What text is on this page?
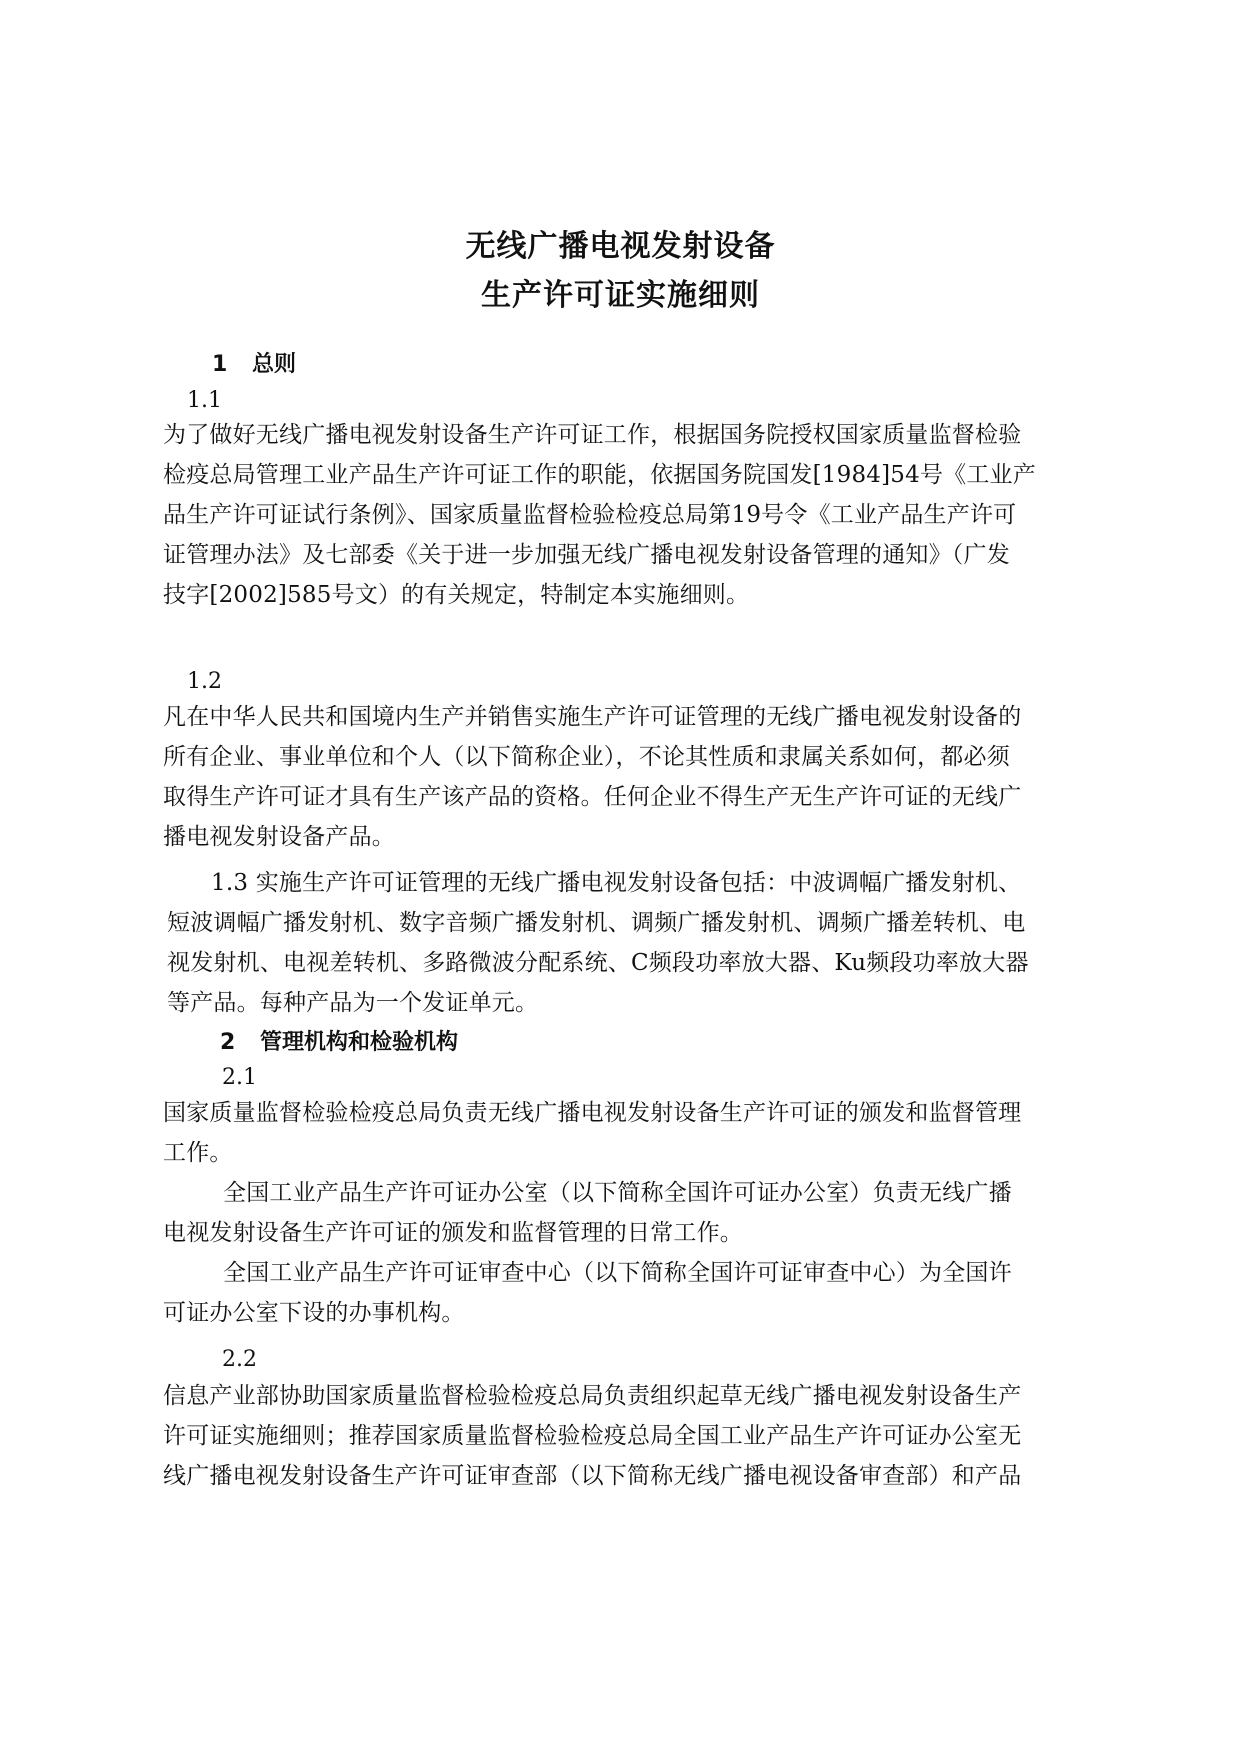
无线广播电视发射设备
生产许可证实施细则
1 总则
1.1
为了做好无线广播电视发射设备生产许可证工作，根据国务院授权国家质量监督检验
检疫总局管理工业产品生产许可证工作的职能，依据国务院国发[1984]54号《工业产
品生产许可证试行条例》、国家质量监督检验检疫总局第19号令《工业产品生产许可
证管理办法》及七部委《关于进一步加强无线广播电视发射设备管理的通知》（广发
技字[2002]585号文）的有关规定，特制定本实施细则。
1.2
凡在中华人民共和国境内生产并销售实施生产许可证管理的无线广播电视发射设备的
所有企业、事业单位和个人（以下简称企业），不论其性质和隶属关系如何，都必须
取得生产许可证才具有生产该产品的资格。任何企业不得生产无生产许可证的无线广
播电视发射设备产品。
1.3 实施生产许可证管理的无线广播电视发射设备包括：中波调幅广播发射机、
短波调幅广播发射机、数字音频广播发射机、调频广播发射机、调频广播差转机、电
视发射机、电视差转机、多路微波分配系统、C频段功率放大器、Ku频段功率放大器
等产品。每种产品为一个发证单元。
2 管理机构和检验机构
2.1
国家质量监督检验检疫总局负责无线广播电视发射设备生产许可证的颁发和监督管理
工作。
全国工业产品生产许可证办公室（以下简称全国许可证办公室）负责无线广播
电视发射设备生产许可证的颁发和监督管理的日常工作。
全国工业产品生产许可证审查中心（以下简称全国许可证审查中心）为全国许
可证办公室下设的办事机构。
2.2
信息产业部协助国家质量监督检验检疫总局负责组织起草无线广播电视发射设备生产
许可证实施细则；推荐国家质量监督检验检疫总局全国工业产品生产许可证办公室无
线广播电视发射设备生产许可证审查部（以下简称无线广播电视设备审查部）和产品
